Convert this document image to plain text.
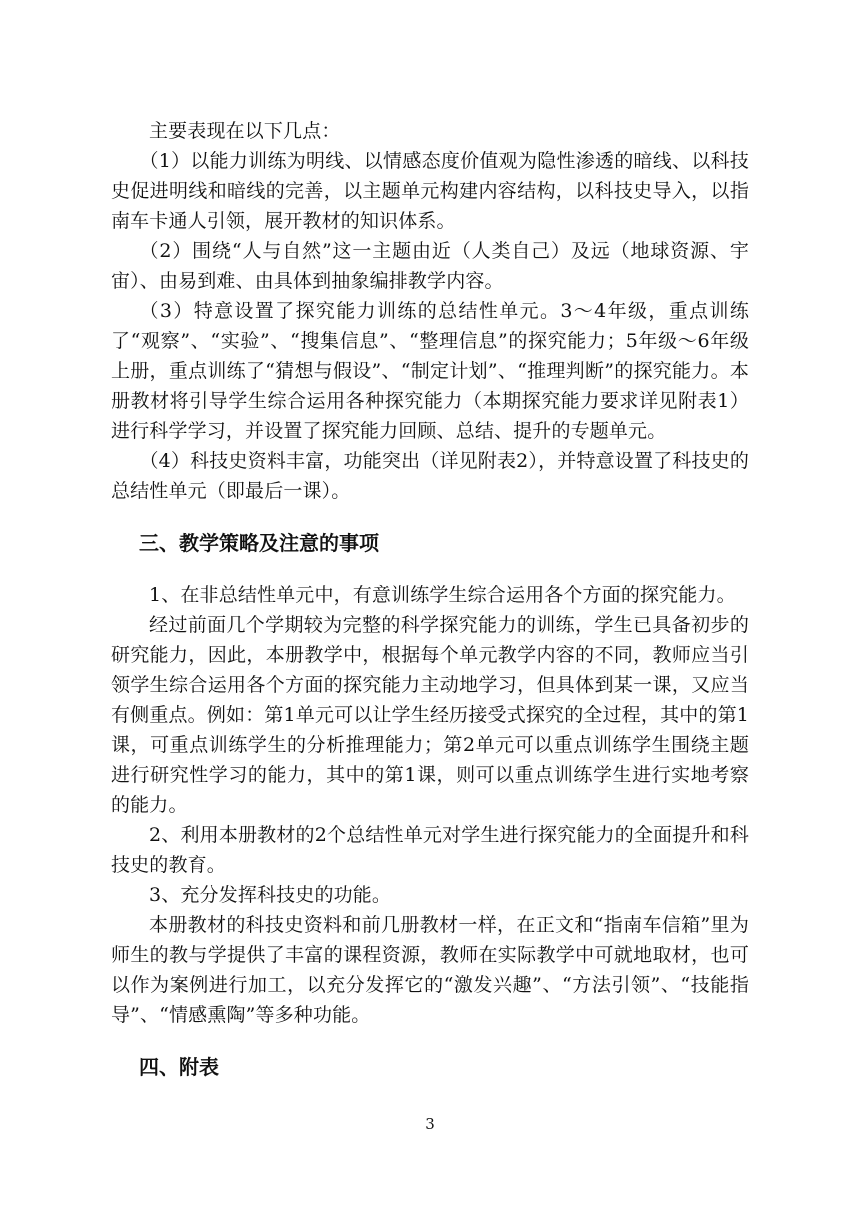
主要表现在以下几点：

（1）以能力训练为明线、以情感态度价值观为隐性渗透的暗线、以科技史促进明线和暗线的完善，以主题单元构建内容结构，以科技史导入，以指南车卡通人引领，展开教材的知识体系。

（2）围绕“人与自然”这一主题由近（人类自己）及远（地球资源、宇宙）、由易到难、由具体到抽象编排教学内容。

（3）特意设置了探究能力训练的总结性单元。3～4年级，重点训练了“观察”、“实验”、“搜集信息”、“整理信息”的探究能力；5年级～6年级上册，重点训练了“猜想与假设”、“制定计划”、“推理判断”的探究能力。本册教材将引导学生综合运用各种探究能力（本期探究能力要求详见附表1）进行科学学习，并设置了探究能力回顾、总结、提升的专题单元。

（4）科技史资料丰富，功能突出（详见附表2），并特意设置了科技史的总结性单元（即最后一课）。

三、教学策略及注意的事项

1、在非总结性单元中，有意训练学生综合运用各个方面的探究能力。

经过前面几个学期较为完整的科学探究能力的训练，学生已具备初步的研究能力，因此，本册教学中，根据每个单元教学内容的不同，教师应当引领学生综合运用各个方面的探究能力主动地学习，但具体到某一课，又应当有侧重点。例如：第1单元可以让学生经历接受式探究的全过程，其中的第1课，可重点训练学生的分析推理能力；第2单元可以重点训练学生围绕主题进行研究性学习的能力，其中的第1课，则可以重点训练学生进行实地考察的能力。

2、利用本册教材的2个总结性单元对学生进行探究能力的全面提升和科技史的教育。

3、充分发挥科技史的功能。

本册教材的科技史资料和前几册教材一样，在正文和“指南车信箱”里为师生的教与学提供了丰富的课程资源，教师在实际教学中可就地取材，也可以作为案例进行加工，以充分发挥它的“激发兴趣”、“方法引领”、“技能指导”、“情感熏陶”等多种功能。

四、附表
3
